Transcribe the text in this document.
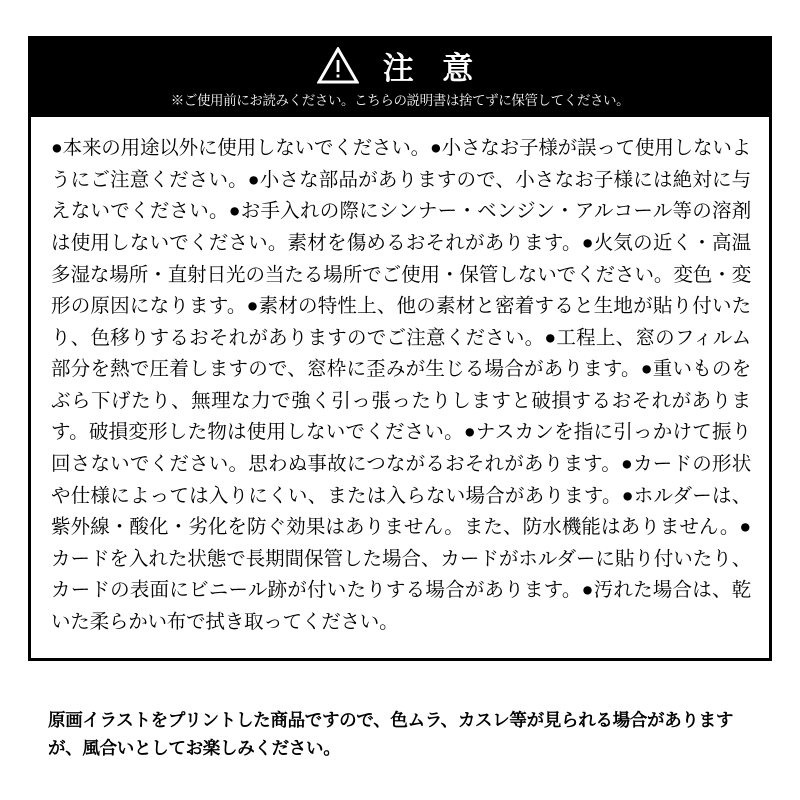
注 意
※ご使用前にお読みください。こちらの説明書は捨てずに保管してください。
●本来の用途以外に使用しないでください。●小さなお子様が誤って使用しないようにご注意ください。●小さな部品がありますので、小さなお子様には絶対に与えないでください。●お手入れの際にシンナー・ベンジン・アルコール等の溶剤は使用しないでください。素材を傷めるおそれがあります。●火気の近く・高温多湿な場所・直射日光の当たる場所でご使用・保管しないでください。変色・変形の原因になります。●素材の特性上、他の素材と密着すると生地が貼り付いたり、色移りするおそれがありますのでご注意ください。●工程上、窓のフィルム部分を熱で圧着しますので、窓枠に歪みが生じる場合があります。●重いものをぶら下げたり、無理な力で強く引っ張ったりしますと破損するおそれがあります。破損変形した物は使用しないでください。●ナスカンを指に引っかけて振り回さないでください。思わぬ事故につながるおそれがあります。●カードの形状や仕様によっては入りにくい、または入らない場合があります。●ホルダーは、紫外線・酸化・劣化を防ぐ効果はありません。また、防水機能はありません。●カードを入れた状態で長期間保管した場合、カードがホルダーに貼り付いたり、カードの表面にビニール跡が付いたりする場合があります。●汚れた場合は、乾いた柔らかい布で拭き取ってください。
原画イラストをプリントした商品ですので、色ムラ、カスレ等が見られる場合がありますが、風合いとしてお楽しみください。
